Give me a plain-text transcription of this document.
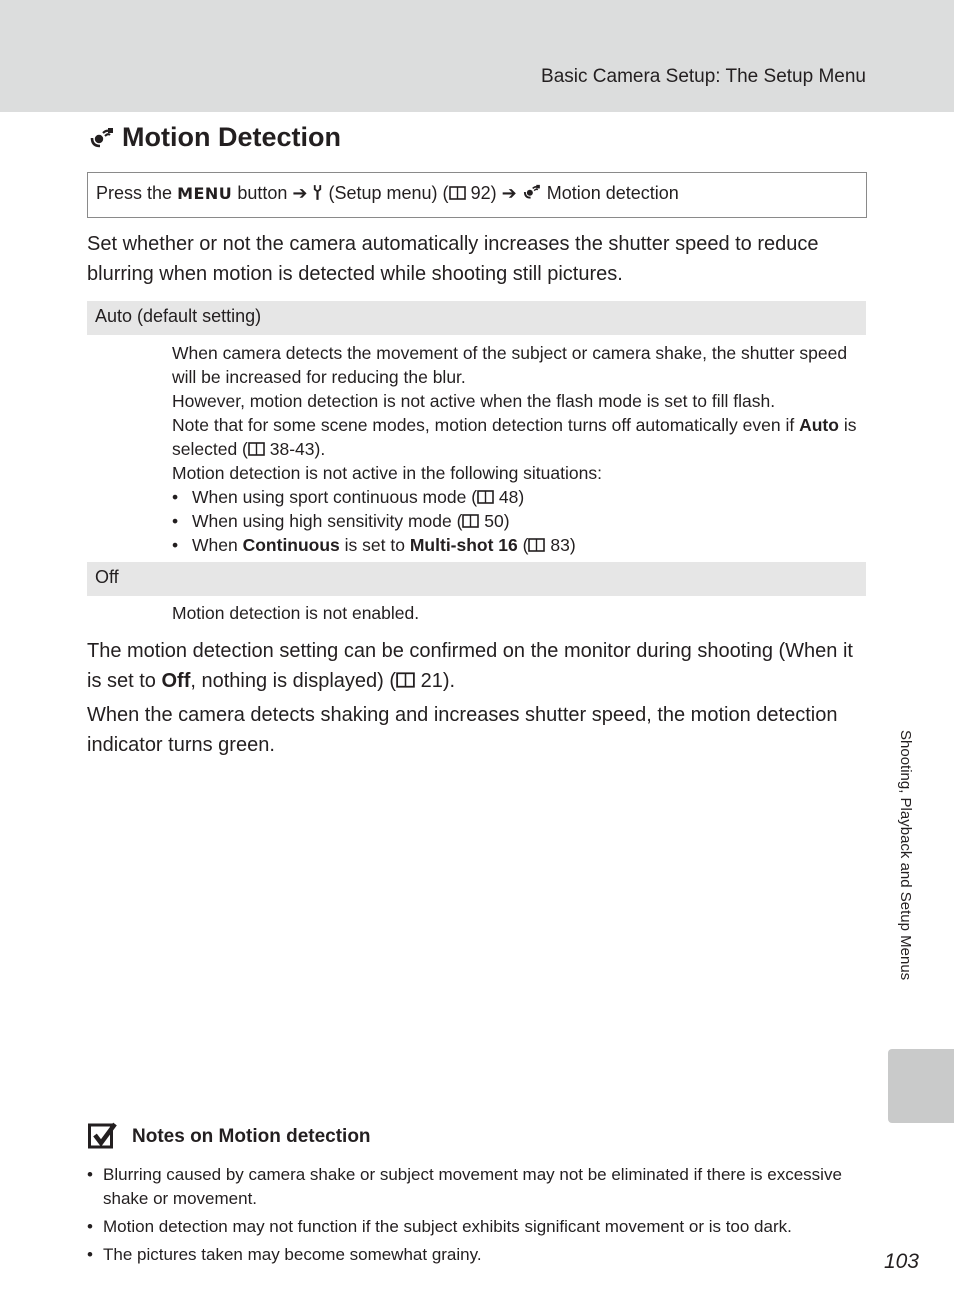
Basic Camera Setup: The Setup Menu
Motion Detection
Press the MENU button ➔ (Setup menu) ( 92) ➔ Motion detection
Set whether or not the camera automatically increases the shutter speed to reduce blurring when motion is detected while shooting still pictures.
Auto (default setting)

When camera detects the movement of the subject or camera shake, the shutter speed will be increased for reducing the blur.

However, motion detection is not active when the flash mode is set to fill flash.

Note that for some scene modes, motion detection turns off automatically even if Auto is selected ( 38-43).

Motion detection is not active in the following situations:

• When using sport continuous mode ( 48)
• When using high sensitivity mode ( 50)
• When Continuous is set to Multi-shot 16 ( 83)
Off
Motion detection is not enabled.
The motion detection setting can be confirmed on the monitor during shooting (When it is set to Off, nothing is displayed) ( 21).
When the camera detects shaking and increases shutter speed, the motion detection indicator turns green.
Notes on Motion detection
• Blurring caused by camera shake or subject movement may not be eliminated if there is excessive shake or movement.
• Motion detection may not function if the subject exhibits significant movement or is too dark.
• The pictures taken may become somewhat grainy.
Shooting, Playback and Setup Menus
103
